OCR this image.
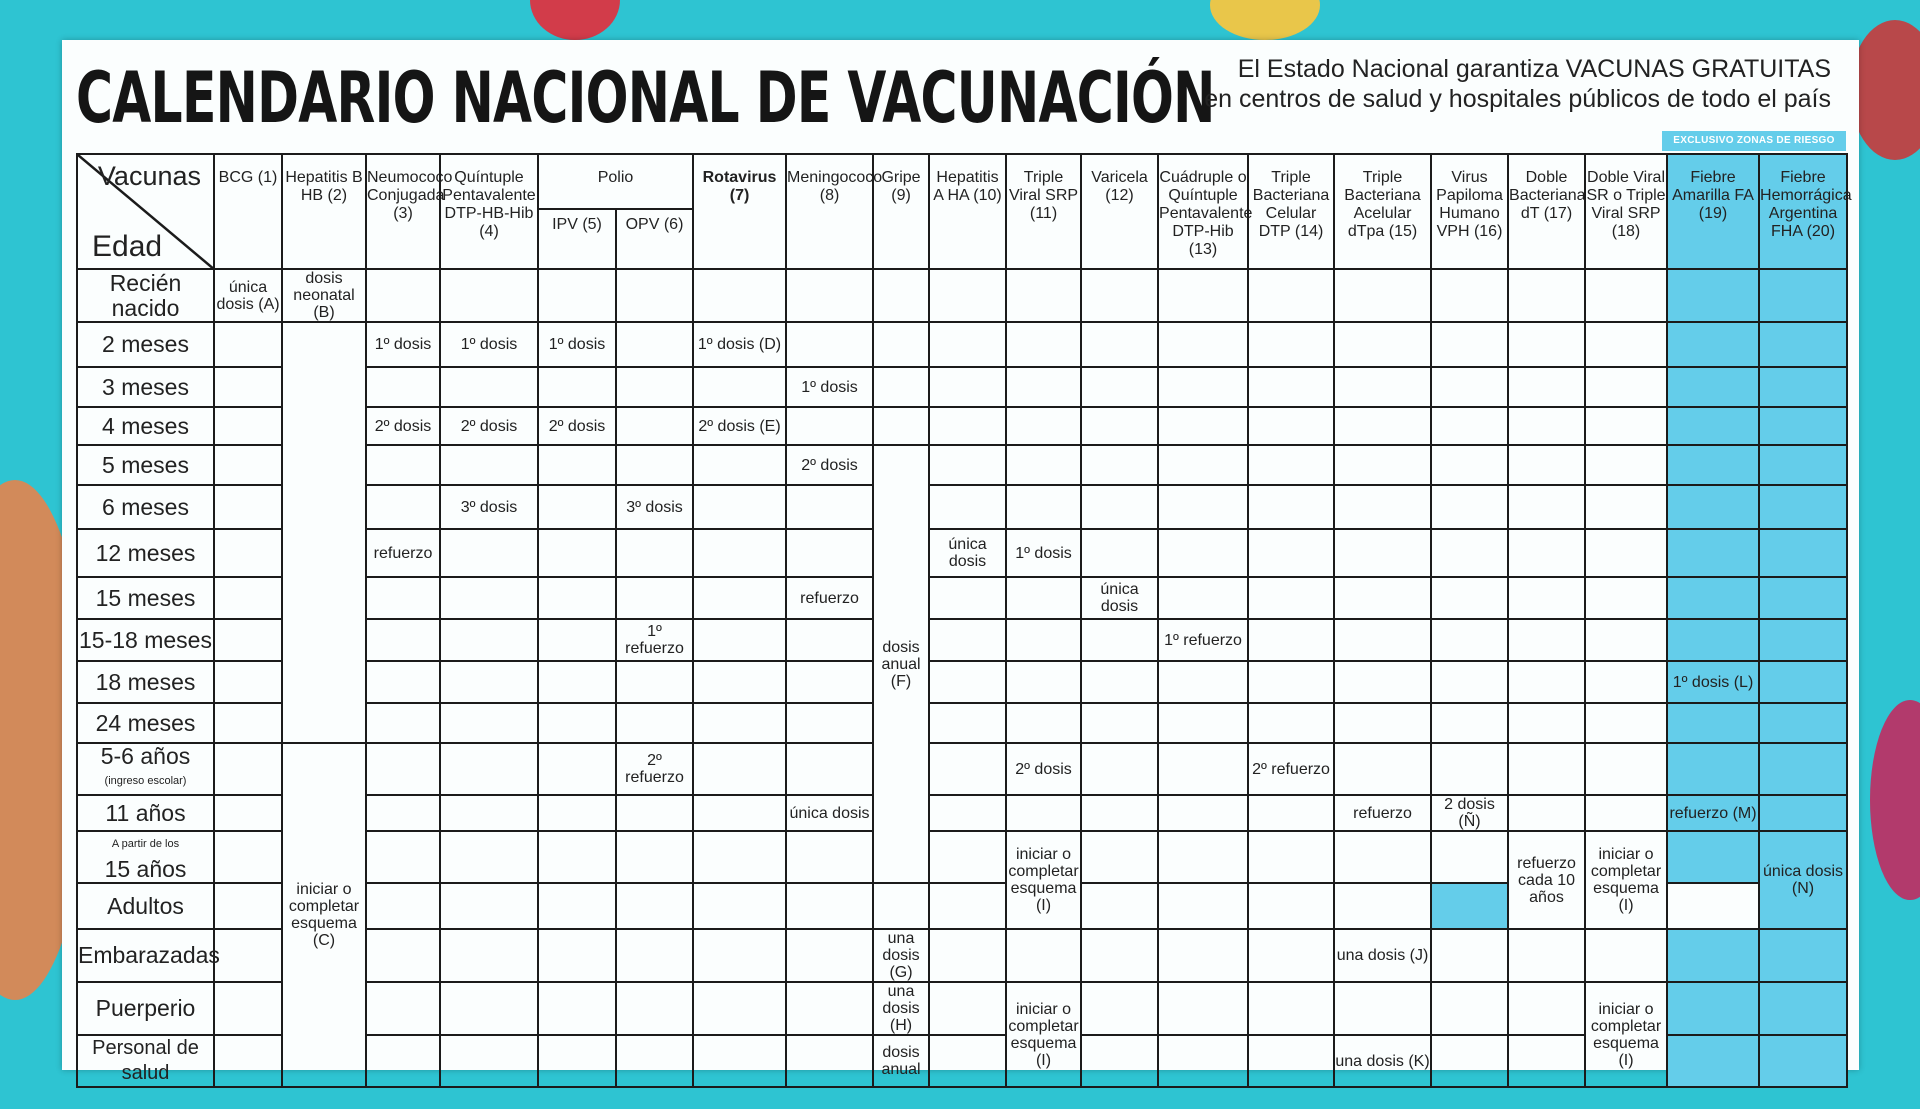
CALENDARIO NACIONAL DE VACUNACIÓN El Estado Nacional garantiza VACUNAS GRATUITAS
en centros de salud y hospitales públicos de todo el país
EXCLUSIVO ZONAS DE RIESGO
Vacunas
Edad	BCG (1)	Hepatitis B HB (2)	Neumococo Conjugada (3)	Quíntuple Pentavalente DTP-HB-Hib (4)	Polio		Rotavirus (7)	Meningococo (8)	Gripe (9)	Hepatitis A HA (10)	Triple Viral SRP (11)	Varicela (12)	Cuádruple o Quíntuple Pentavalente DTP-Hib (13)	Triple Bacteriana Celular DTP (14)	Triple Bacteriana Acelular dTpa (15)	Virus Papiloma Humano VPH (16)	Doble Bacteriana dT (17)	Doble Viral SR o Triple Viral SRP (18)	Fiebre Amarilla FA (19)	Fiebre Hemorrágica Argentina FHA (20)
					IPV (5)	OPV (6)														
Recién nacido	única dosis (A)	dosis neonatal (B)																		
2 meses			1º dosis	1º dosis	1º dosis		1º dosis (D)													
3 meses								1º dosis												
4 meses			2º dosis	2º dosis	2º dosis		2º dosis (E)													
5 meses								2º dosis	dosis anual (F)											
6 meses				3º dosis		3º dosis														
12 meses			refuerzo							única dosis	1º dosis									
15 meses								refuerzo				única dosis								
15-18 meses						1º refuerzo							1º refuerzo							
18 meses																			1º dosis (L)	
24 meses																				

5-6 años
(ingreso escolar)		iniciar o completar esquema (C)				2º refuerzo					2º dosis			2º refuerzo						
11 años								única dosis							refuerzo	2 dosis (Ñ)			refuerzo (M)	

A partir de los
15 años											iniciar o completar esquema (I)						refuerzo cada 10 años	iniciar o completar esquema (I)		única dosis (N)
Adultos																				
Embarazadas									una dosis (G)						una dosis (J)					
Puerperio									una dosis (H)		iniciar o completar esquema (I)							iniciar o completar esquema (I)		
Personal de salud									dosis anual						una dosis (K)					
